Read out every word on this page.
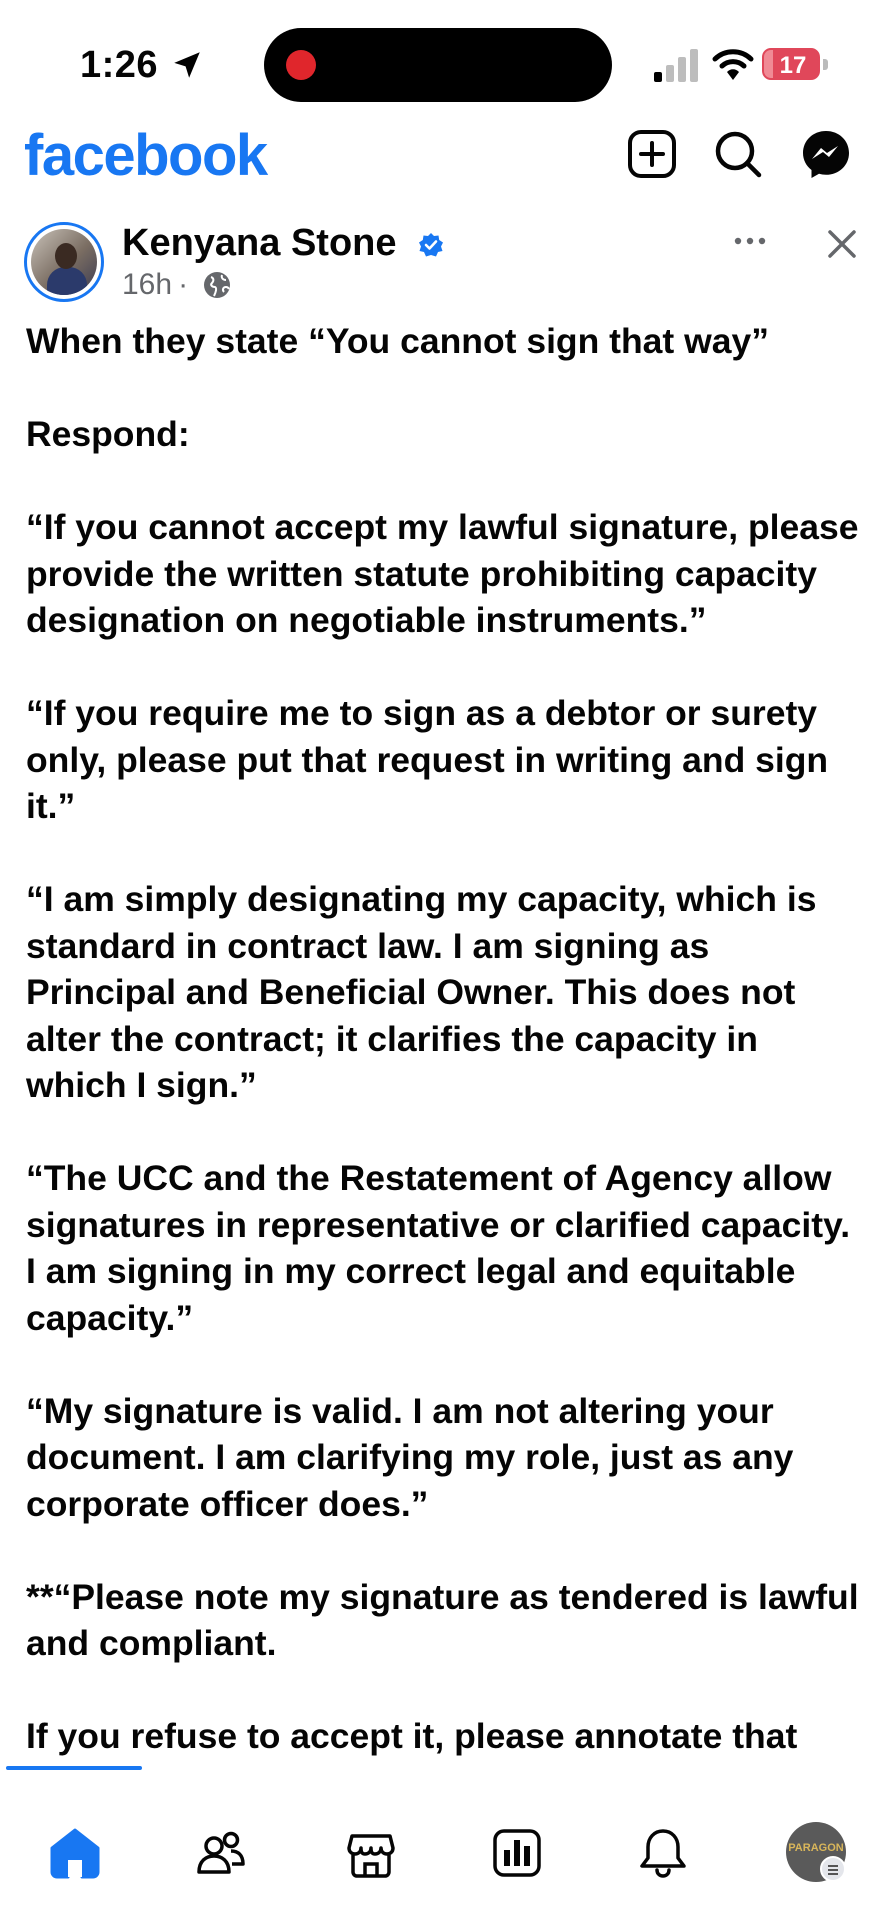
1:26	17
facebook
Kenyana Stone
16h ·

When they state “You cannot sign that way”

Respond:

“If you cannot accept my lawful signature, please provide the written statute prohibiting capacity designation on negotiable instruments.”

“If you require me to sign as a debtor or surety only, please put that request in writing and sign it.”

“I am simply designating my capacity, which is standard in contract law. I am signing as Principal and Beneficial Owner. This does not alter the contract; it clarifies the capacity in which I sign.”

“The UCC and the Restatement of Agency allow signatures in representative or clarified capacity. I am signing in my correct legal and equitable capacity.”

“My signature is valid. I am not altering your document. I am clarifying my role, just as any corporate officer does.”

**“Please note my signature as tendered is lawful and compliant.

If you refuse to accept it, please annotate that

PARAGON
